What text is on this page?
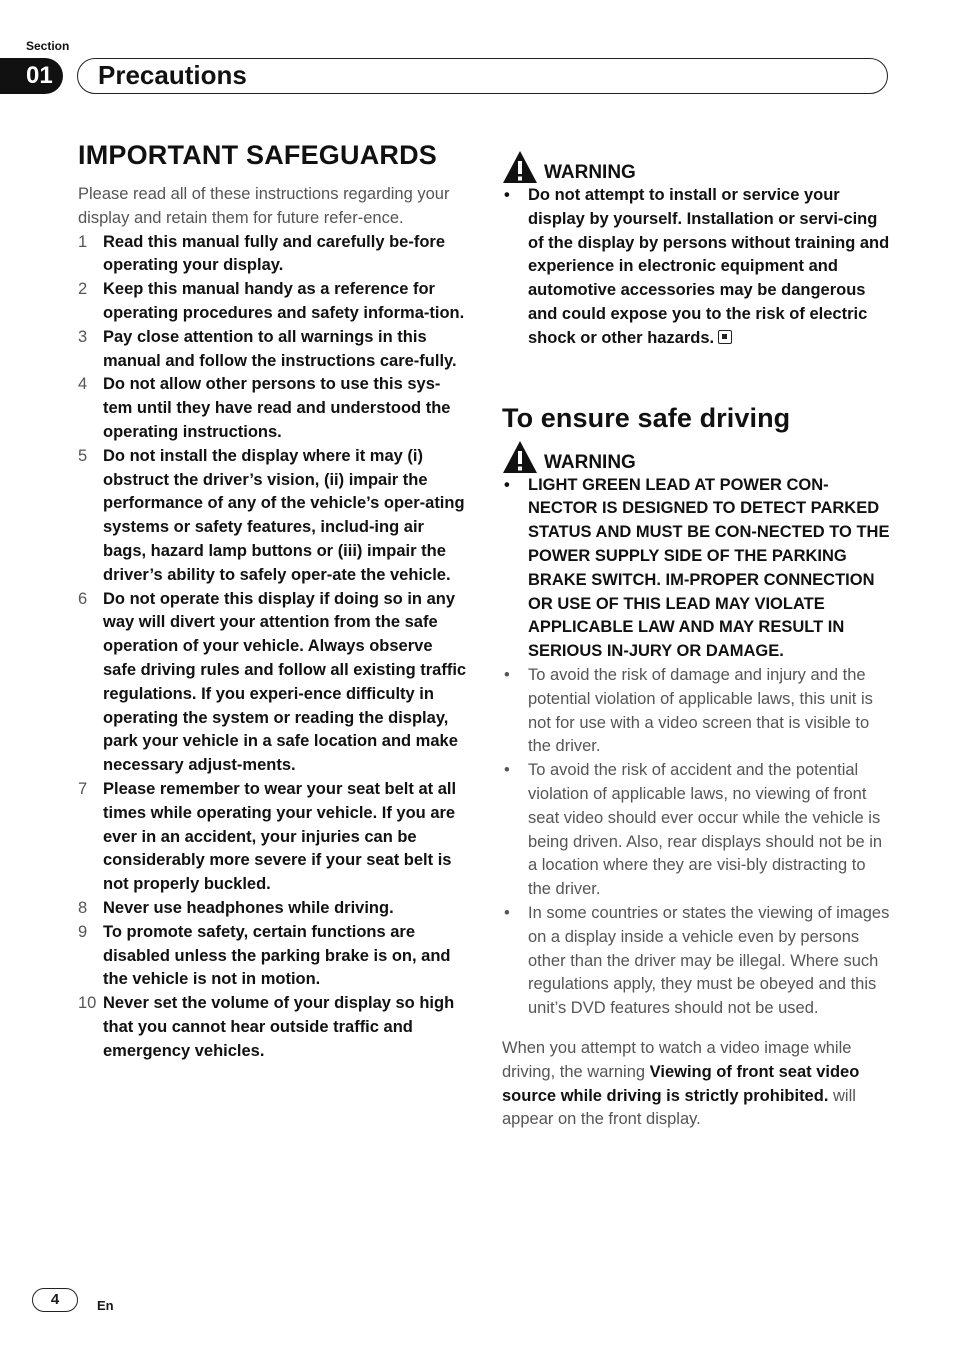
Section
01	Precautions
IMPORTANT SAFEGUARDS

Please read all of these instructions regarding your display and retain them for future refer-ence.

1 Read this manual fully and carefully be-fore operating your display.
2 Keep this manual handy as a reference for operating procedures and safety informa-tion.
3 Pay close attention to all warnings in this manual and follow the instructions care-fully.
4 Do not allow other persons to use this sys-tem until they have read and understood the operating instructions.
5 Do not install the display where it may (i) obstruct the driver’s vision, (ii) impair the performance of any of the vehicle’s oper-ating systems or safety features, includ-ing air bags, hazard lamp buttons or (iii) impair the driver’s ability to safely oper-ate the vehicle.
6 Do not operate this display if doing so in any way will divert your attention from the safe operation of your vehicle. Always observe safe driving rules and follow all existing traffic regulations. If you experi-ence difficulty in operating the system or reading the display, park your vehicle in a safe location and make necessary adjust-ments.
7 Please remember to wear your seat belt at all times while operating your vehicle. If you are ever in an accident, your injuries can be considerably more severe if your seat belt is not properly buckled.
8 Never use headphones while driving.
9 To promote safety, certain functions are disabled unless the parking brake is on, and the vehicle is not in motion.
10 Never set the volume of your display so high that you cannot hear outside traffic and emergency vehicles.
WARNING
• Do not attempt to install or service your display by yourself. Installation or servi-cing of the display by persons without training and experience in electronic equipment and automotive accessories may be dangerous and could expose you to the risk of electric shock or other hazards.
To ensure safe driving
WARNING
• LIGHT GREEN LEAD AT POWER CON-NECTOR IS DESIGNED TO DETECT PARKED STATUS AND MUST BE CON-NECTED TO THE POWER SUPPLY SIDE OF THE PARKING BRAKE SWITCH. IM-PROPER CONNECTION OR USE OF THIS LEAD MAY VIOLATE APPLICABLE LAW AND MAY RESULT IN SERIOUS IN-JURY OR DAMAGE.
• To avoid the risk of damage and injury and the potential violation of applicable laws, this unit is not for use with a video screen that is visible to the driver.
• To avoid the risk of accident and the potential violation of applicable laws, no viewing of front seat video should ever occur while the vehicle is being driven. Also, rear displays should not be in a location where they are visi-bly distracting to the driver.
• In some countries or states the viewing of images on a display inside a vehicle even by persons other than the driver may be illegal. Where such regulations apply, they must be obeyed and this unit’s DVD features should not be used.

When you attempt to watch a video image while driving, the warning Viewing of front seat video source while driving is strictly prohibited. will appear on the front display.

4	En
